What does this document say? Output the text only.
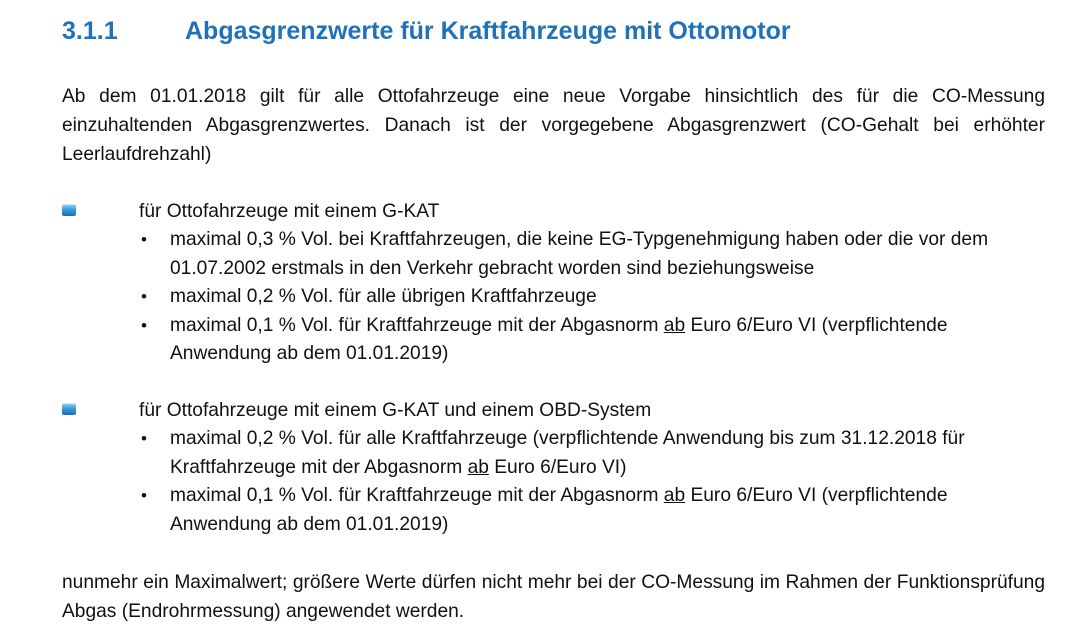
3.1.1	Abgasgrenzwerte für Kraftfahrzeuge mit Ottomotor
Ab dem 01.01.2018 gilt für alle Ottofahrzeuge eine neue Vorgabe hinsichtlich des für die CO-Messung einzuhaltenden Abgasgrenzwertes. Danach ist der vorgegebene Abgasgrenzwert (CO-Gehalt bei erhöhter Leerlaufdrehzahl)
für Ottofahrzeuge mit einem G-KAT
• maximal 0,3 % Vol. bei Kraftfahrzeugen, die keine EG-Typgenehmigung haben oder die vor dem 01.07.2002 erstmals in den Verkehr gebracht worden sind beziehungsweise
• maximal 0,2 % Vol. für alle übrigen Kraftfahrzeuge
• maximal 0,1 % Vol. für Kraftfahrzeuge mit der Abgasnorm ab Euro 6/Euro VI (verpflichtende Anwendung ab dem 01.01.2019)
für Ottofahrzeuge mit einem G-KAT und einem OBD-System
• maximal 0,2 % Vol. für alle Kraftfahrzeuge (verpflichtende Anwendung bis zum 31.12.2018 für Kraftfahrzeuge mit der Abgasnorm ab Euro 6/Euro VI)
• maximal 0,1 % Vol. für Kraftfahrzeuge mit der Abgasnorm ab Euro 6/Euro VI (verpflichtende Anwendung ab dem 01.01.2019)
nunmehr ein Maximalwert; größere Werte dürfen nicht mehr bei der CO-Messung im Rahmen der Funktionsprüfung Abgas (Endrohrmessung) angewendet werden.
